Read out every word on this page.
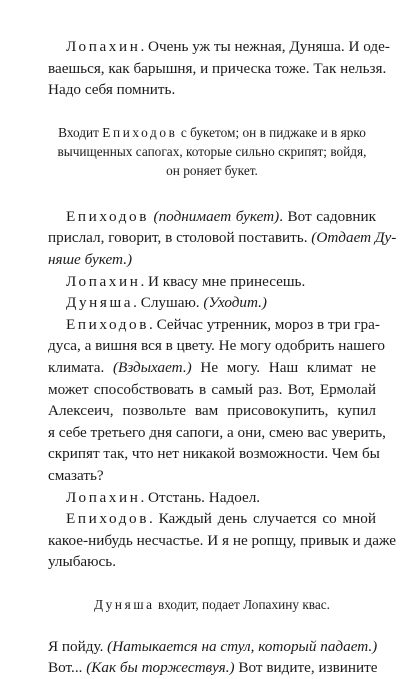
Лопахин. Очень уж ты нежная, Дуняша. И оде-
ваешься, как барышня, и прическа тоже. Так нельзя.
Надо себя помнить.
Входит Епиходов с букетом; он в пиджаке и в ярко
вычищенных сапогах, которые сильно скрипят; войдя,
он роняет букет.
Епиходов (поднимает букет). Вот садовник
прислал, говорит, в столовой поставить. (Отдает Ду-
няше букет.)
Лопахин. И квасу мне принесешь.
Дуняша. Слушаю. (Уходит.)
Епиходов. Сейчас утренник, мороз в три гра-
дуса, а вишня вся в цвету. Не могу одобрить нашего
климата. (Вздыхает.) Не могу. Наш климат не
может способствовать в самый раз. Вот, Ермолай
Алексеич, позвольте вам присовокупить, купил
я себе третьего дня сапоги, а они, смею вас уверить,
скрипят так, что нет никакой возможности. Чем бы
смазать?
Лопахин. Отстань. Надоел.
Епиходов. Каждый день случается со мной
какое-нибудь несчастье. И я не ропщу, привык и даже
улыбаюсь.
Дуняша входит, подает Лопахину квас.
Я пойду. (Натыкается на стул, который падает.)
Вот... (Как бы торжествуя.) Вот видите, извините
